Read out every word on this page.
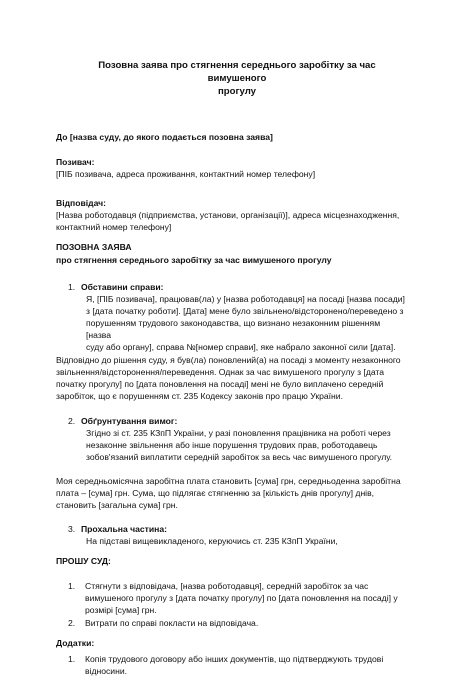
Позовна заява про стягнення середнього заробітку за час вимушеного

прогулу

До [назва суду, до якого подається позовна заява]

Позивач:

[ПІБ позивача, адреса проживання, контактний номер телефону]

Відповідач:

[Назва роботодавця (підприємства, установи, організації)], адреса місцезнаходження,

контактний номер телефону]

ПОЗОВНА ЗАЯВА
про стягнення середнього заробітку за час вимушеного прогулу
1. Обставини справи:

Я, [ПІБ позивача], працював(ла) у [назва роботодавця] на посаді [назва посади]

з [дата початку роботи]. [Дата] мене було звільнено/відсторонено/переведено з

порушенням трудового законодавства, що визнано незаконним рішенням [назва

суду або органу], справа №[номер справи], яке набрало законної сили [дата].

Відповідно до рішення суду, я був(ла) поновлений(а) на посаді з моменту незаконного

звільнення/відсторонення/переведення. Однак за час вимушеного прогулу з [дата

початку прогулу] по [дата поновлення на посаді] мені не було виплачено середній

заробіток, що є порушенням ст. 235 Кодексу законів про працю України.

2. Обґрунтування вимог:

Згідно зі ст. 235 КЗпП України, у разі поновлення працівника на роботі через

незаконне звільнення або інше порушення трудових прав, роботодавець

зобов'язаний виплатити середній заробіток за весь час вимушеного прогулу.

Моя середньомісячна заробітна плата становить [сума] грн, середньоденна заробітна

плата – [сума] грн. Сума, що підлягає стягненню за [кількість днів прогулу] днів,

становить [загальна сума] грн.

3. Прохальна частина:

На підставі вищевикладеного, керуючись ст. 235 КЗпП України,

ПРОШУ СУД:
1. Стягнути з відповідача, [назва роботодавця], середній заробіток за час

вимушеного прогулу з [дата початку прогулу] по [дата поновлення на посаді] у

розмірі [сума] грн.

2. Витрати по справі покласти на відповідача.

Додатки:
1. Копія трудового договору або інших документів, що підтверджують трудові

відносини.
